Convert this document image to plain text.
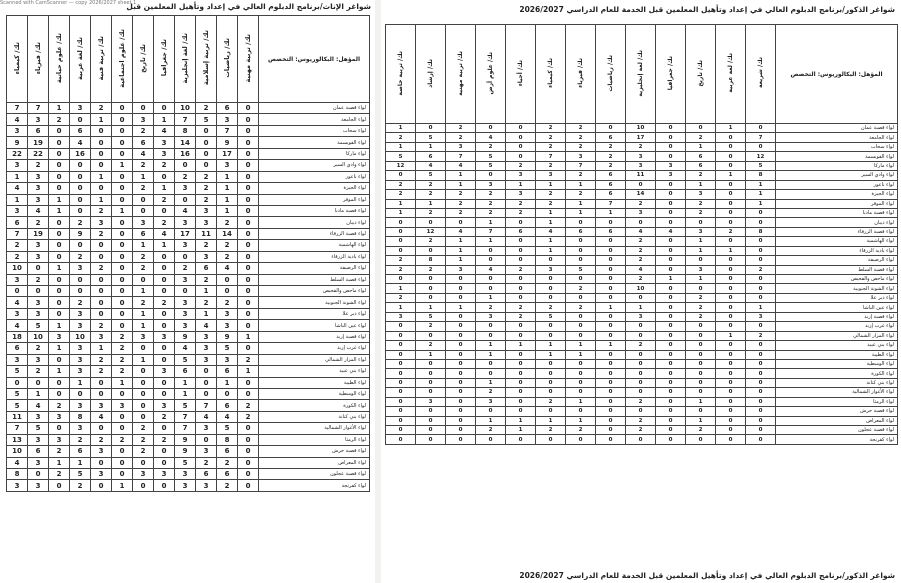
شواغر الإناث/برنامج الدبلوم العالي في إعداد وتأهيل المعلمين قبل
المؤهل: البكالوريوس: التخصص	تك/ تربية مهنية	تك/ رياضيات	تك/ تربية إسلامية	تك/ لغة إنجليزية	تك/ جغرافيا	تك/ تاريخ	تك/ علوم اجتماعية	تك/ تربية فنية	تك/ لغة عربية	تك/ علوم حياتية	تك/ فيزياء	تك/ كيمياء
لواء قصبة عمان	0	6	2	10	0	0	0	2	3	1	7	7
لواء الجامعة	0	3	5	7	1	3	0	1	0	2	3	4
لواء سحاب	0	7	0	8	4	2	0	0	6	0	6	3
لواء القويسمة	0	9	0	14	3	6	0	0	4	0	19	9
لواء ماركا	0	17	0	16	3	4	0	0	16	0	22	22
لواء وادي السير	0	3	0	0	2	2	1	0	0	0	2	3
لواء ناعور	0	1	2	2	0	1	0	1	0	0	3	1
لواء الجيزة	0	1	2	3	1	2	0	0	0	0	3	4
لواء الموقر	0	1	2	0	2	0	0	1	0	1	3	1
لواء قصبة مادبا	0	1	3	4	0	0	1	2	0	1	4	3
لواء ذيبان	0	2	3	3	2	3	0	3	2	0	2	6
لواء قصبة الزرقاء	0	14	11	17	4	6	0	2	9	0	19	7
لواء الهاشمية	0	2	2	3	1	1	0	0	0	0	3	2
لواء بادية الزرقاء	0	2	3	0	0	2	0	0	2	0	3	2
لواء الرصيفة	0	4	6	2	0	2	0	2	3	1	0	10
لواء قصبة السلط	0	0	2	3	0	0	0	0	0	0	2	3
لواء ماحص والفحيص	0	0	1	0	0	1	0	0	0	0	0	0
لواء الشونة الجنوبية	0	2	2	3	2	2	0	0	2	0	3	4
لواء دير علا	0	3	1	3	0	1	0	0	3	0	3	3
لواء عين الباشا	0	3	4	3	0	1	0	2	3	1	5	4
لواء قصبة إربد	1	9	3	9	3	3	2	3	10	3	10	18
لواء غرب إربد	0	5	3	4	0	0	2	1	3	1	2	6
لواء المزار الشمالي	2	3	3	5	0	1	2	2	3	0	3	3
لواء بني عبيد	1	6	0	6	3	0	2	2	3	1	2	5
لواء الطيبة	0	1	0	1	0	0	1	0	1	0	0	0
لواء الوسطية	0	0	0	1	0	0	0	0	0	0	1	5
لواء الكورة	2	6	7	5	3	0	3	3	3	2	4	5
لواء بني كنانة	2	4	4	7	2	0	0	4	8	3	3	11
لواء الأغوار الشمالية	0	5	3	7	0	2	0	0	3	0	5	7
لواء الرمثا	0	8	0	9	2	2	2	2	2	3	3	13
لواء قصبة جرش	0	6	3	9	0	2	0	3	6	2	6	10
لواء المعراض	0	2	2	5	0	0	0	0	1	1	3	4
لواء قصبة عجلون	0	6	6	3	3	3	0	3	5	2	0	8
لواء كفرنجة	0	2	3	3	0	0	1	0	2	0	3	3
Scanned with CamScanner — copy 2026/2027 sheet 1
شواغر الذكور/برنامج الدبلوم العالي في إعداد وتأهيل المعلمين قبل الخدمة للعام الدراسي 2026/2027
المؤهل: البكالوريوس: التخصص	تك/ شريعة	تك/ لغة عربية	تك/ تاريخ	تك/ جغرافيا	تك/ لغة إنجليزية	تك/ رياضيات	تك/ فيزياء	تك/ كيمياء	تك/ أحياء	تك/ علوم أرض	تك/ تربية مهنية	تك/ إرشاد	تك/ تربية خاصة
لواء قصبة عمان	0	1	0	0	10	0	2	2	0	0	2	0	1
لواء الجامعة	7	0	2	0	17	6	2	2	0	4	2	5	2
لواء سحاب	0	0	1	0	2	2	2	2	0	2	3	1	1
لواء القويسمة	12	0	6	0	3	2	3	7	0	5	7	6	5
لواء ماركا	5	0	6	3	3	2	7	2	2	5	4	4	12
لواء وادي السير	8	1	2	3	11	6	2	3	3	0	1	5	0
لواء ناعور	1	0	1	0	0	6	1	1	1	3	1	2	2
لواء الجيزة	1	0	3	0	14	6	2	2	3	2	2	2	2
لواء الموقر	1	0	2	0	2	7	1	2	2	2	2	1	1
لواء قصبة مادبا	0	0	2	0	3	1	1	1	2	2	2	2	1
لواء ذيبان	0	0	0	0	0	0	0	1	0	1	0	0	0
لواء قصبة الزرقاء	8	2	3	4	4	6	6	4	6	7	4	12	0
لواء الهاشمية	0	0	1	0	2	0	0	1	0	1	1	2	0
لواء بادية الزرقاء	0	1	1	0	2	0	0	1	0	0	1	0	0
لواء الرصيفة	0	0	0	0	2	0	0	0	0	0	1	8	2
لواء قصبة السلط	2	0	3	0	4	0	5	3	2	4	3	2	2
لواء ماحص والفحيص	0	0	1	1	2	0	0	0	0	0	0	0	0
لواء الشونة الجنوبية	0	0	0	0	10	0	2	0	0	0	0	0	1
لواء دير علا	0	0	2	0	0	0	0	0	0	1	0	0	2
لواء عين الباشا	1	0	2	0	1	1	2	2	2	2	1	1	1
لواء قصبة إربد	3	0	2	0	3	0	0	5	2	3	0	5	3
لواء غرب إربد	0	0	0	0	0	0	0	0	0	0	0	2	0
لواء المزار الشمالي	2	1	0	0	0	0	0	0	0	0	0	0	0
لواء بني عبيد	0	0	0	0	2	1	1	1	1	1	0	2	0
لواء الطيبة	0	0	0	0	0	0	1	1	0	1	0	1	0
لواء الوسطية	0	0	0	0	0	0	0	0	0	0	0	0	0
لواء الكورة	0	0	0	0	0	0	0	0	0	0	0	0	0
لواء بني كنانة	0	0	0	0	0	0	0	0	0	1	0	0	0
لواء الأغوار الشمالية	0	0	0	0	0	0	0	0	0	2	0	0	0
لواء الرمثا	0	0	1	0	2	0	1	2	0	3	0	3	0
لواء قصبة جرش	0	0	0	0	0	0	0	0	0	0	0	0	0
لواء المعراض	0	0	1	0	2	0	1	1	1	1	0	0	0
لواء قصبة عجلون	0	0	2	0	2	0	2	2	1	2	0	0	0
لواء كفرنجة	0	0	0	0	0	0	0	0	0	0	0	0	0
شواغر الذكور/برنامج الدبلوم العالي في إعداد وتأهيل المعلمين قبل الخدمة للعام الدراسي 2026/2027
